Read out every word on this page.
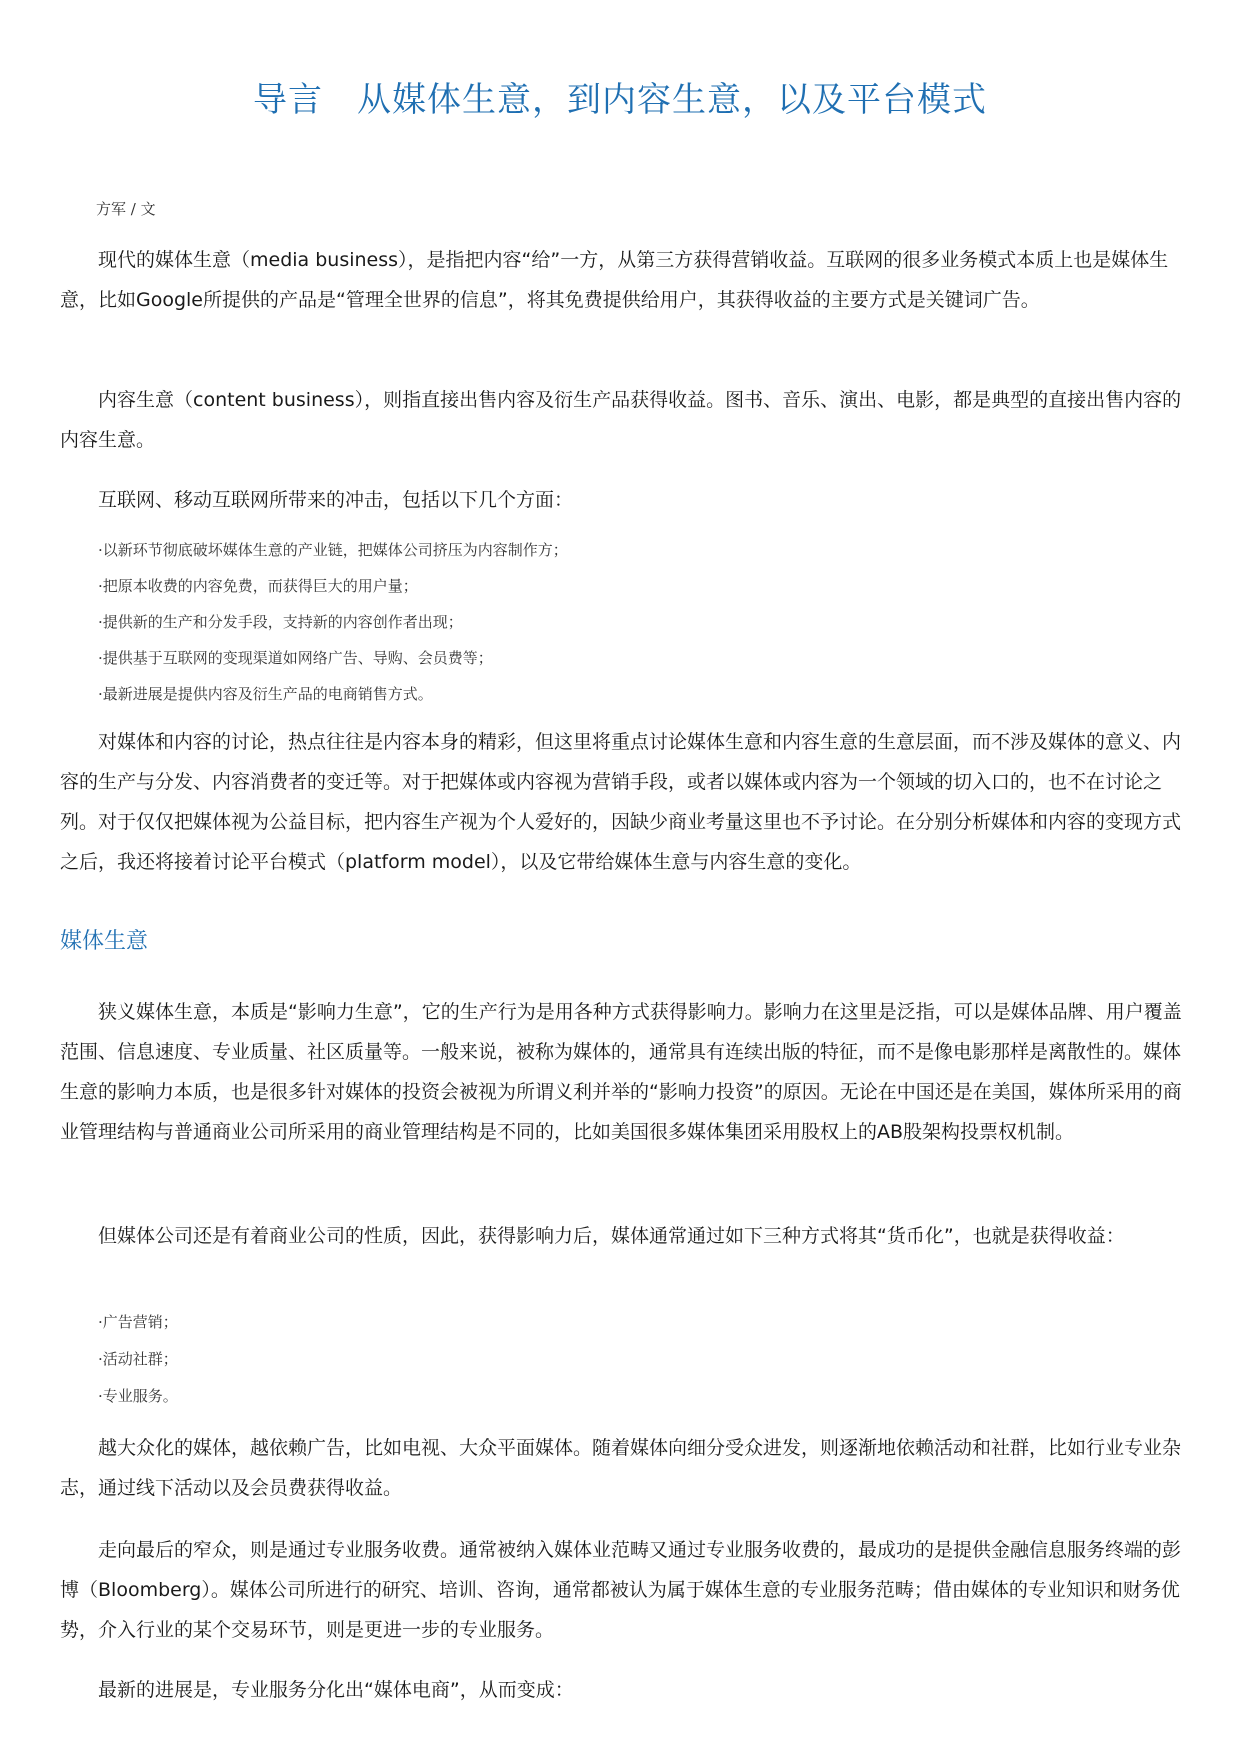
导言 从媒体生意，到内容生意，以及平台模式
方军 / 文

现代的媒体生意（media business），是指把内容“给”一方，从第三方获得营销收益。互联网的很多业务模式本质上也是媒体生意，比如Google所提供的产品是“管理全世界的信息”，将其免费提供给用户，其获得收益的主要方式是关键词广告。

内容生意（content business），则指直接出售内容及衍生产品获得收益。图书、音乐、演出、电影，都是典型的直接出售内容的内容生意。

互联网、移动互联网所带来的冲击，包括以下几个方面：

·以新环节彻底破坏媒体生意的产业链，把媒体公司挤压为内容制作方；
·把原本收费的内容免费，而获得巨大的用户量；
·提供新的生产和分发手段，支持新的内容创作者出现；
·提供基于互联网的变现渠道如网络广告、导购、会员费等；
·最新进展是提供内容及衍生产品的电商销售方式。

对媒体和内容的讨论，热点往往是内容本身的精彩，但这里将重点讨论媒体生意和内容生意的生意层面，而不涉及媒体的意义、内容的生产与分发、内容消费者的变迁等。对于把媒体或内容视为营销手段，或者以媒体或内容为一个领域的切入口的，也不在讨论之列。对于仅仅把媒体视为公益目标，把内容生产视为个人爱好的，因缺少商业考量这里也不予讨论。在分别分析媒体和内容的变现方式之后，我还将接着讨论平台模式（platform model），以及它带给媒体生意与内容生意的变化。

媒体生意

狭义媒体生意，本质是“影响力生意”，它的生产行为是用各种方式获得影响力。影响力在这里是泛指，可以是媒体品牌、用户覆盖范围、信息速度、专业质量、社区质量等。一般来说，被称为媒体的，通常具有连续出版的特征，而不是像电影那样是离散性的。媒体生意的影响力本质，也是很多针对媒体的投资会被视为所谓义利并举的“影响力投资”的原因。无论在中国还是在美国，媒体所采用的商业管理结构与普通商业公司所采用的商业管理结构是不同的，比如美国很多媒体集团采用股权上的AB股架构投票权机制。

但媒体公司还是有着商业公司的性质，因此，获得影响力后，媒体通常通过如下三种方式将其“货币化”，也就是获得收益：

·广告营销；
·活动社群；
·专业服务。

越大众化的媒体，越依赖广告，比如电视、大众平面媒体。随着媒体向细分受众进发，则逐渐地依赖活动和社群，比如行业专业杂志，通过线下活动以及会员费获得收益。

走向最后的窄众，则是通过专业服务收费。通常被纳入媒体业范畴又通过专业服务收费的，最成功的是提供金融信息服务终端的彭博（Bloomberg）。媒体公司所进行的研究、培训、咨询，通常都被认为属于媒体生意的专业服务范畴；借由媒体的专业知识和财务优势，介入行业的某个交易环节，则是更进一步的专业服务。

最新的进展是，专业服务分化出“媒体电商”，从而变成：
